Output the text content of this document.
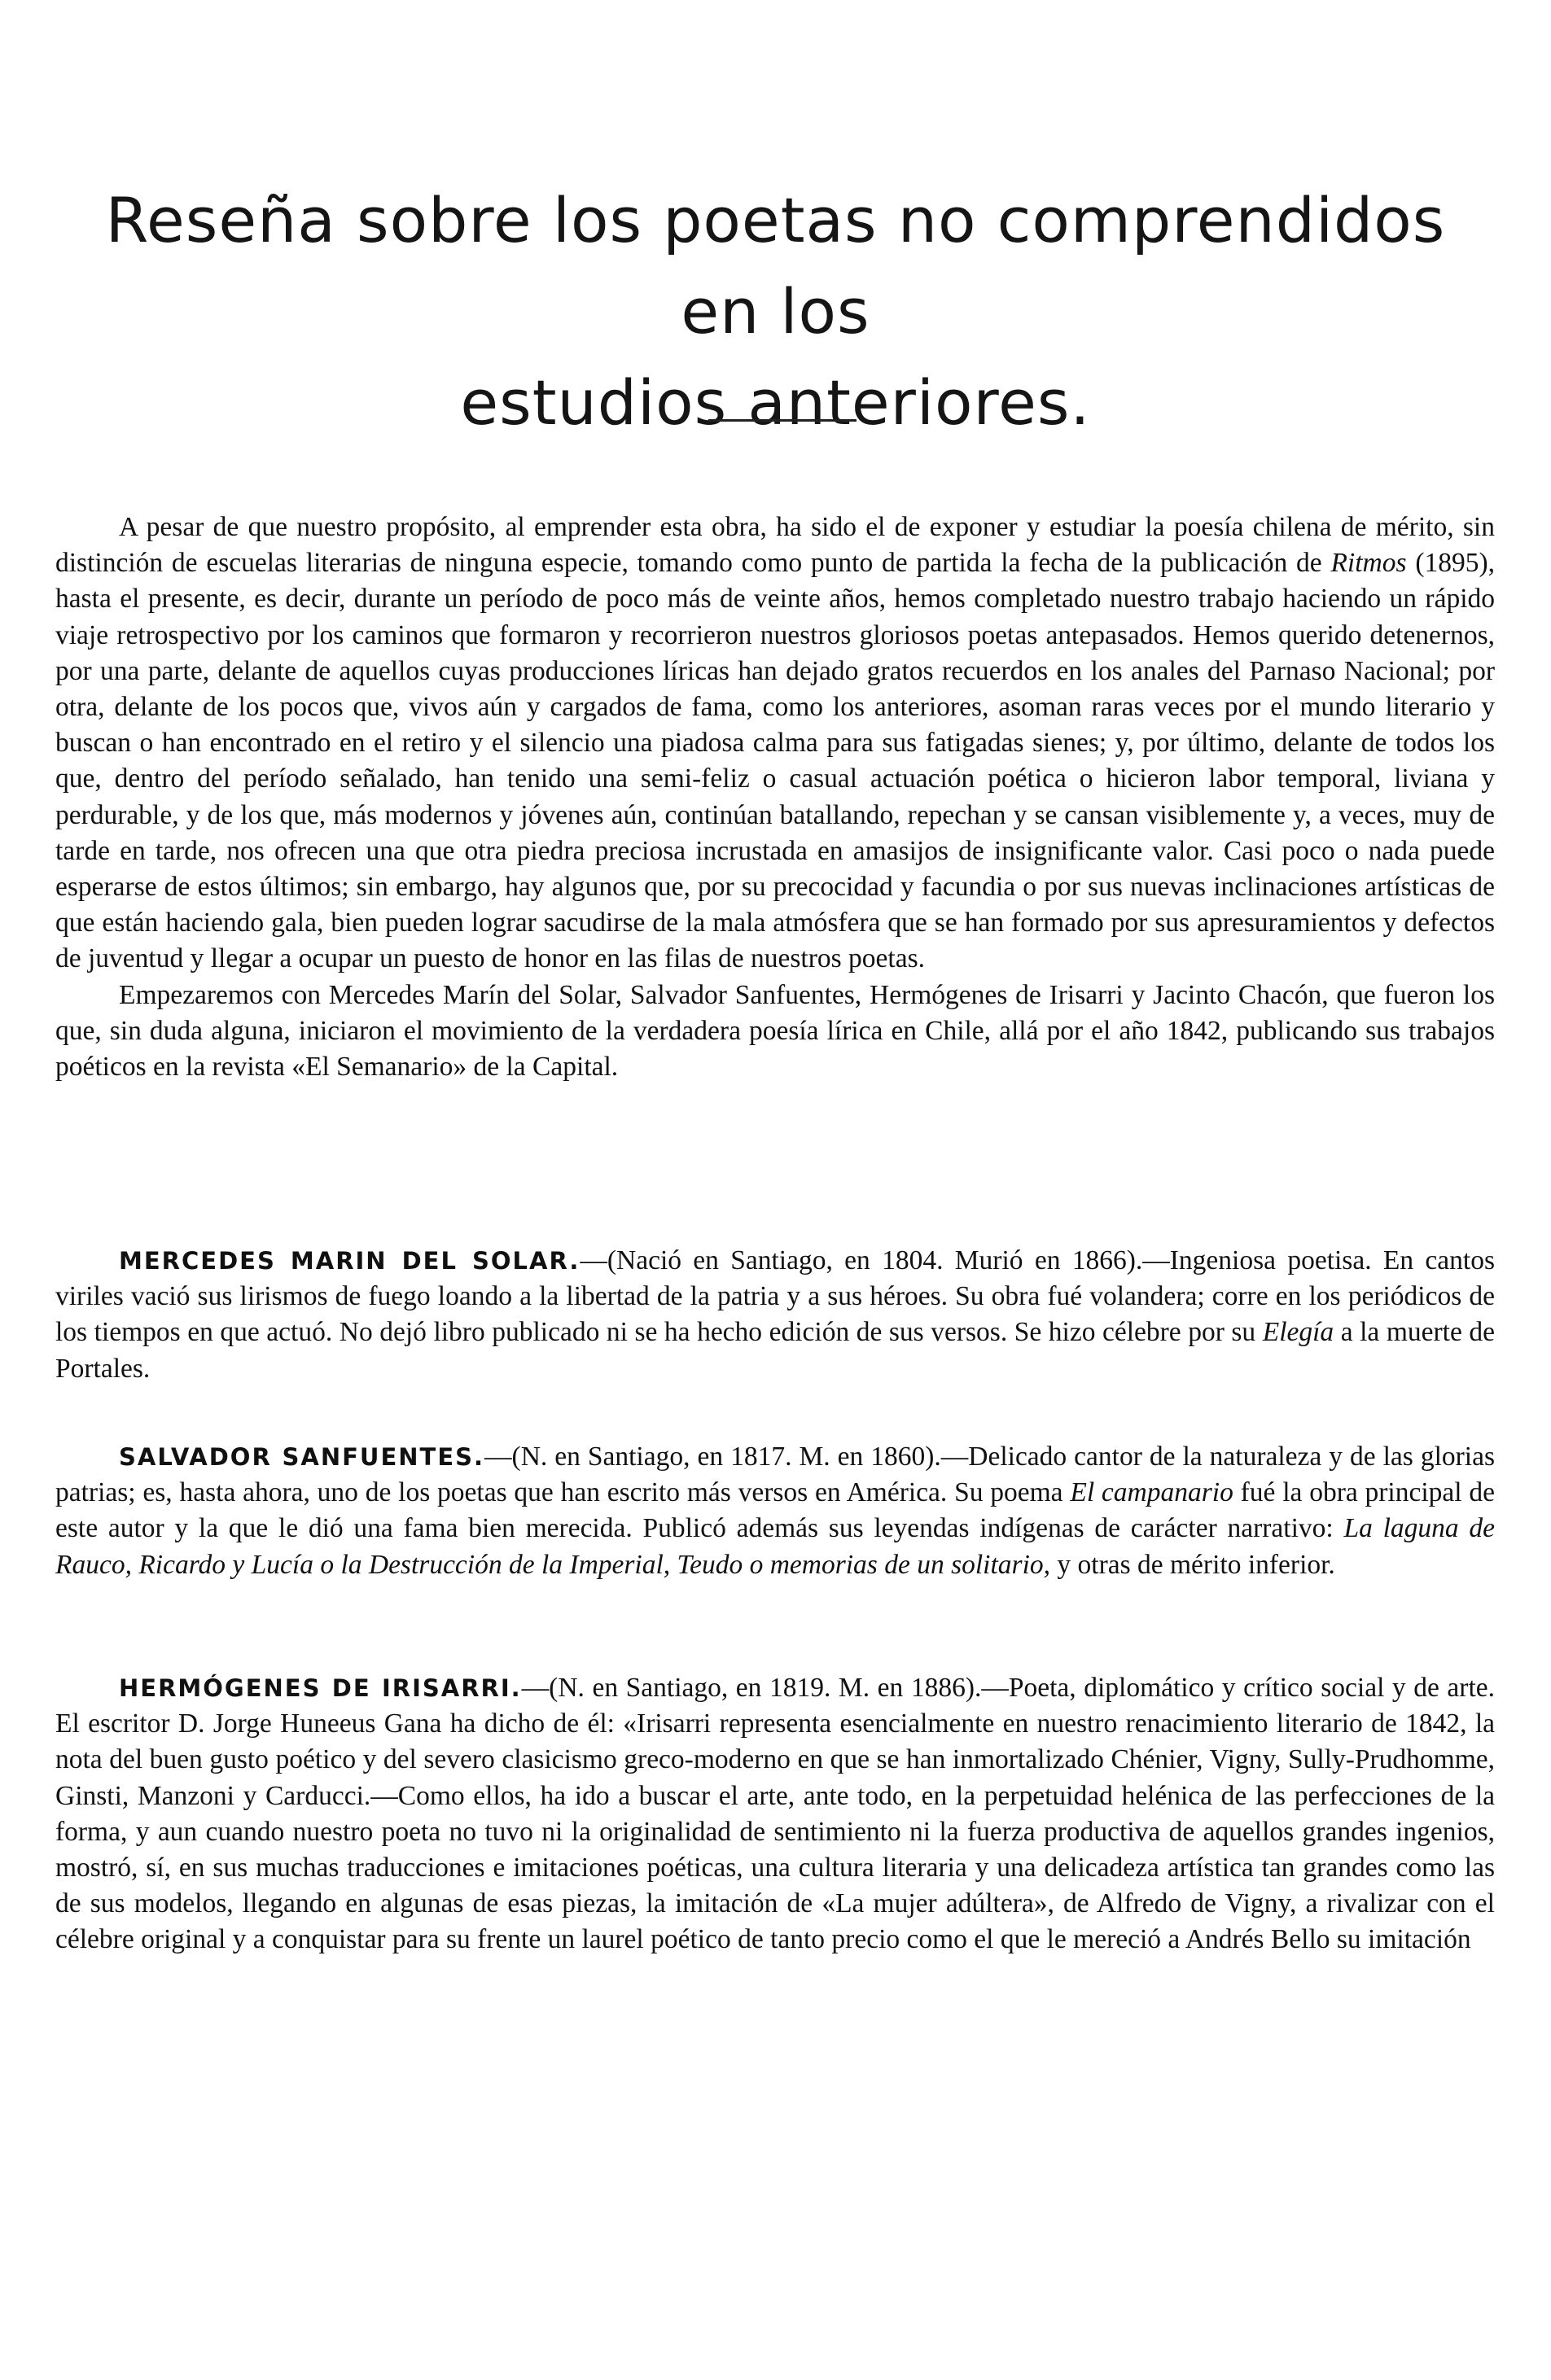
Reseña sobre los poetas no comprendidos en los
estudios anteriores.

A pesar de que nuestro propósito, al emprender esta obra, ha sido el de exponer y estudiar la poesía chilena de mérito, sin distinción de escuelas literarias de ninguna especie, tomando como punto de partida la fecha de la publicación de Ritmos (1895), hasta el presente, es decir, durante un período de poco más de veinte años, hemos completado nuestro trabajo haciendo un rápido viaje retrospectivo por los caminos que formaron y recorrieron nuestros gloriosos poetas antepasados. Hemos querido detenernos, por una parte, delante de aquellos cuyas producciones líricas han dejado gratos recuerdos en los anales del Parnaso Nacional; por otra, delante de los pocos que, vivos aún y cargados de fama, como los anteriores, asoman raras veces por el mundo literario y buscan o han encontrado en el retiro y el silencio una piadosa calma para sus fatigadas sienes; y, por último, delante de todos los que, dentro del período señalado, han tenido una semi-feliz o casual actuación poética o hicieron labor temporal, liviana y perdurable, y de los que, más modernos y jóvenes aún, continúan batallando, repechan y se cansan visiblemente y, a veces, muy de tarde en tarde, nos ofrecen una que otra piedra preciosa incrustada en amasijos de insignificante valor. Casi poco o nada puede esperarse de estos últimos; sin embargo, hay algunos que, por su precocidad y facundia o por sus nuevas inclinaciones artísticas de que están haciendo gala, bien pueden lograr sacudirse de la mala atmósfera que se han formado por sus apresuramientos y defectos de juventud y llegar a ocupar un puesto de honor en las filas de nuestros poetas.

Empezaremos con Mercedes Marín del Solar, Salvador Sanfuentes, Hermógenes de Irisarri y Jacinto Chacón, que fueron los que, sin duda alguna, iniciaron el movimiento de la verdadera poesía lírica en Chile, allá por el año 1842, publicando sus trabajos poéticos en la revista «El Semanario» de la Capital.

MERCEDES MARIN DEL SOLAR.—(Nació en Santiago, en 1804. Murió en 1866).—Ingeniosa poetisa. En cantos viriles vació sus lirismos de fuego loando a la libertad de la patria y a sus héroes. Su obra fué volandera; corre en los periódicos de los tiempos en que actuó. No dejó libro publicado ni se ha hecho edición de sus versos. Se hizo célebre por su Elegía a la muerte de Portales.

SALVADOR SANFUENTES.—(N. en Santiago, en 1817. M. en 1860).—Delicado cantor de la naturaleza y de las glorias patrias; es, hasta ahora, uno de los poetas que han escrito más versos en América. Su poema El campanario fué la obra principal de este autor y la que le dió una fama bien merecida. Publicó además sus leyendas indígenas de carácter narrativo: La laguna de Rauco, Ricardo y Lucía o la Destrucción de la Imperial, Teudo o memorias de un solitario, y otras de mérito inferior.

HERMÓGENES DE IRISARRI.—(N. en Santiago, en 1819. M. en 1886).—Poeta, diplomático y crítico social y de arte. El escritor D. Jorge Huneeus Gana ha dicho de él: «Irisarri representa esencialmente en nuestro renacimiento literario de 1842, la nota del buen gusto poético y del severo clasicismo greco-moderno en que se han inmortalizado Chénier, Vigny, Sully-Prudhomme, Ginsti, Manzoni y Carducci.—Como ellos, ha ido a buscar el arte, ante todo, en la perpetuidad helénica de las perfecciones de la forma, y aun cuando nuestro poeta no tuvo ni la originalidad de sentimiento ni la fuerza productiva de aquellos grandes ingenios, mostró, sí, en sus muchas traducciones e imitaciones poéticas, una cultura literaria y una delicadeza artística tan grandes como las de sus modelos, llegando en algunas de esas piezas, la imitación de «La mujer adúltera», de Alfredo de Vigny, a rivalizar con el célebre original y a conquistar para su frente un laurel poético de tanto precio como el que le mereció a Andrés Bello su imitación
